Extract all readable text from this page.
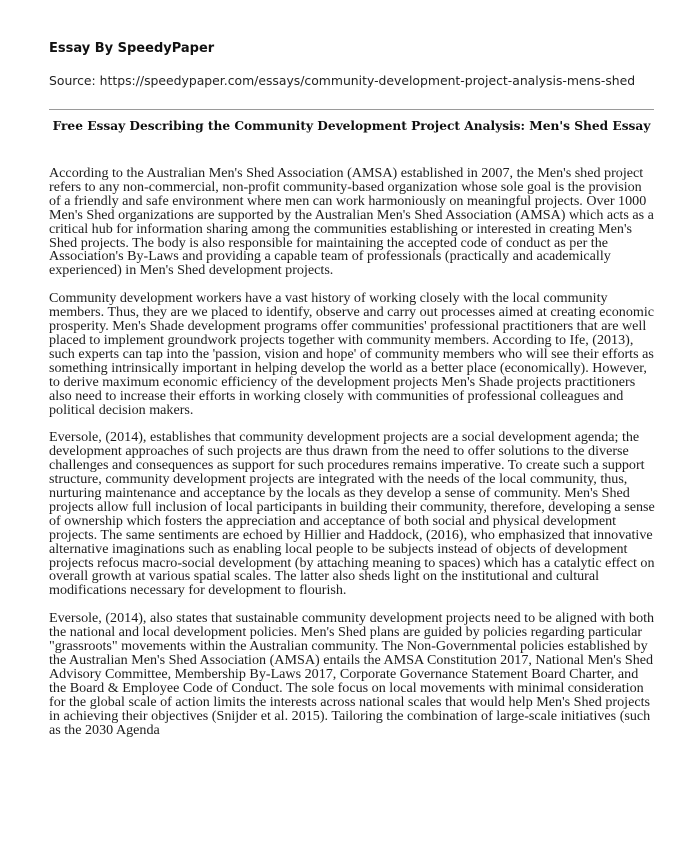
Essay By SpeedyPaper
Source: https://speedypaper.com/essays/community-development-project-analysis-mens-shed
Free Essay Describing the Community Development Project Analysis: Men's Shed Essay

According to the Australian Men's Shed Association (AMSA) established in 2007, the Men's shed project refers to any non-commercial, non-profit community-based organization whose sole goal is the provision of a friendly and safe environment where men can work harmoniously on meaningful projects. Over 1000 Men's Shed organizations are supported by the Australian Men's Shed Association (AMSA) which acts as a critical hub for information sharing among the communities establishing or interested in creating Men's Shed projects. The body is also responsible for maintaining the accepted code of conduct as per the Association's By-Laws and providing a capable team of professionals (practically and academically experienced) in Men's Shed development projects.

Community development workers have a vast history of working closely with the local community members. Thus, they are we placed to identify, observe and carry out processes aimed at creating economic prosperity. Men's Shade development programs offer communities' professional practitioners that are well placed to implement groundwork projects together with community members. According to Ife, (2013), such experts can tap into the 'passion, vision and hope' of community members who will see their efforts as something intrinsically important in helping develop the world as a better place (economically). However, to derive maximum economic efficiency of the development projects Men's Shade projects practitioners also need to increase their efforts in working closely with communities of professional colleagues and political decision makers.

Eversole, (2014), establishes that community development projects are a social development agenda; the development approaches of such projects are thus drawn from the need to offer solutions to the diverse challenges and consequences as support for such procedures remains imperative. To create such a support structure, community development projects are integrated with the needs of the local community, thus, nurturing maintenance and acceptance by the locals as they develop a sense of community. Men's Shed projects allow full inclusion of local participants in building their community, therefore, developing a sense of ownership which fosters the appreciation and acceptance of both social and physical development projects. The same sentiments are echoed by Hillier and Haddock, (2016), who emphasized that innovative alternative imaginations such as enabling local people to be subjects instead of objects of development projects refocus macro-social development (by attaching meaning to spaces) which has a catalytic effect on overall growth at various spatial scales. The latter also sheds light on the institutional and cultural modifications necessary for development to flourish.

Eversole, (2014), also states that sustainable community development projects need to be aligned with both the national and local development policies. Men's Shed plans are guided by policies regarding particular "grassroots" movements within the Australian community. The Non-Governmental policies established by the Australian Men's Shed Association (AMSA) entails the AMSA Constitution 2017, National Men's Shed Advisory Committee, Membership By-Laws 2017, Corporate Governance Statement Board Charter, and the Board & Employee Code of Conduct. The sole focus on local movements with minimal consideration for the global scale of action limits the interests across national scales that would help Men's Shed projects in achieving their objectives (Snijder et al. 2015). Tailoring the combination of large-scale initiatives (such as the 2030 Agenda
